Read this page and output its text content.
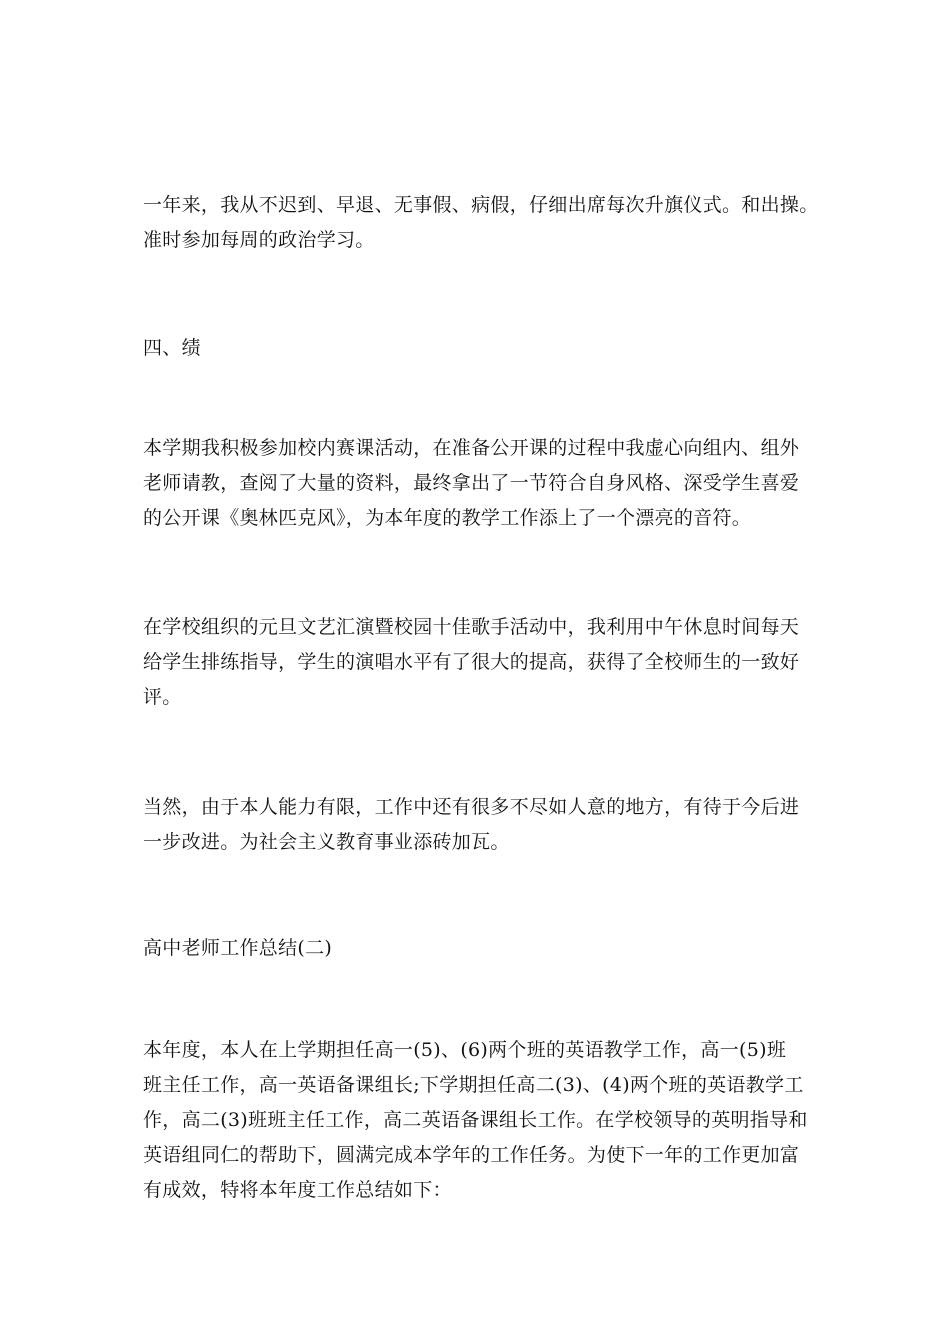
一年来，我从不迟到、早退、无事假、病假，仔细出席每次升旗仪式。和出操。
准时参加每周的政治学习。
四、绩
本学期我积极参加校内赛课活动，在准备公开课的过程中我虚心向组内、组外
老师请教，查阅了大量的资料，最终拿出了一节符合自身风格、深受学生喜爱
的公开课《奥林匹克风》，为本年度的教学工作添上了一个漂亮的音符。
在学校组织的元旦文艺汇演暨校园十佳歌手活动中，我利用中午休息时间每天
给学生排练指导，学生的演唱水平有了很大的提高，获得了全校师生的一致好
评。
当然，由于本人能力有限，工作中还有很多不尽如人意的地方，有待于今后进
一步改进。为社会主义教育事业添砖加瓦。
高中老师工作总结(二)
本年度，本人在上学期担任高一(5)、(6)两个班的英语教学工作，高一(5)班
班主任工作，高一英语备课组长;下学期担任高二(3)、(4)两个班的英语教学工
作，高二(3)班班主任工作，高二英语备课组长工作。在学校领导的英明指导和
英语组同仁的帮助下，圆满完成本学年的工作任务。为使下一年的工作更加富
有成效，特将本年度工作总结如下：
